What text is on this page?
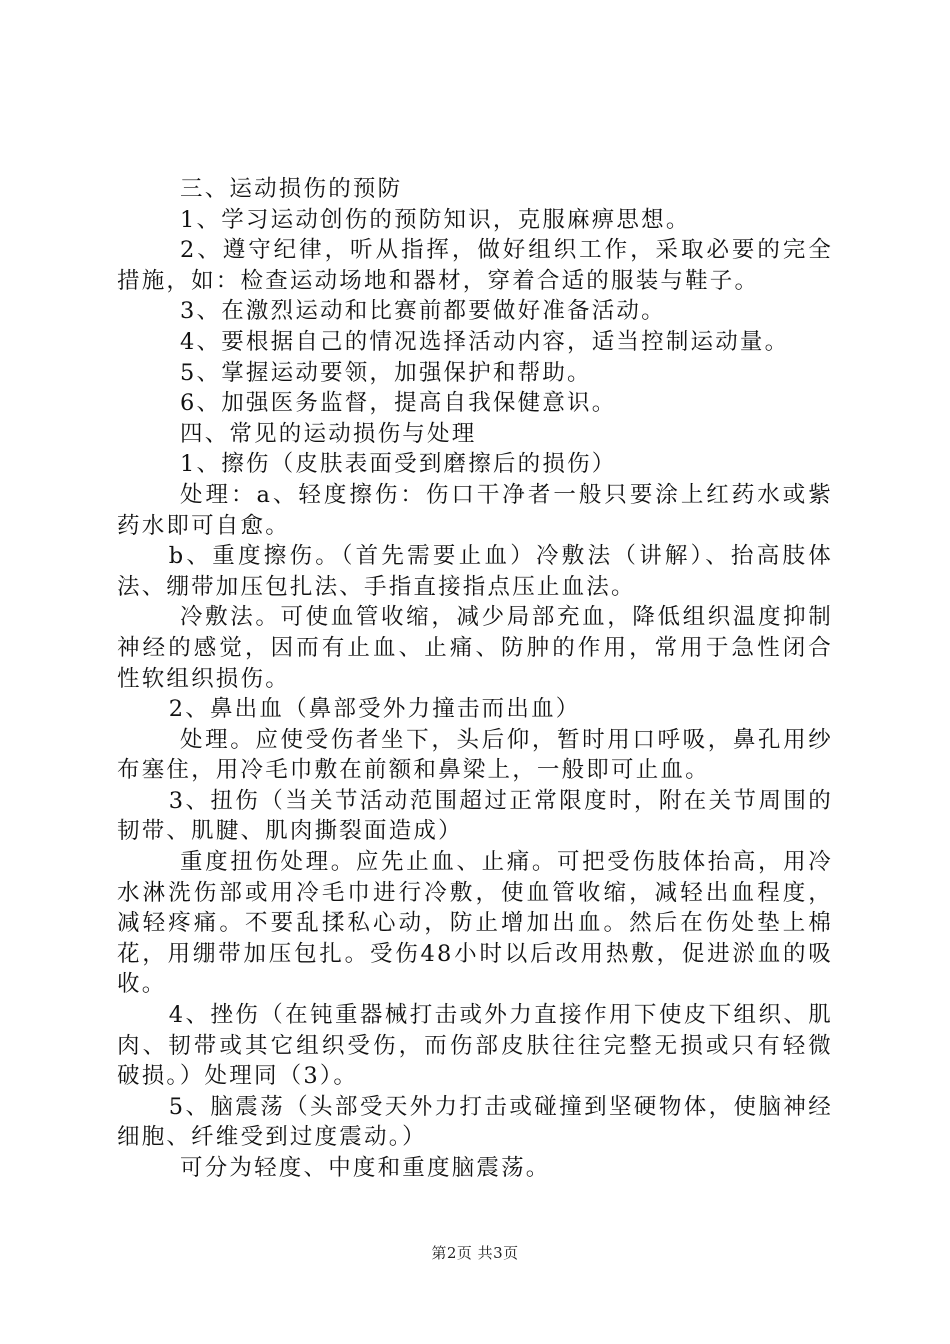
三、运动损伤的预防

1、学习运动创伤的预防知识，克服麻痹思想。

2、遵守纪律，听从指挥，做好组织工作，采取必要的完全措施，如：检查运动场地和器材，穿着合适的服装与鞋子。

3、在激烈运动和比赛前都要做好准备活动。

4、要根据自己的情况选择活动内容，适当控制运动量。

5、掌握运动要领，加强保护和帮助。

6、加强医务监督，提高自我保健意识。

四、常见的运动损伤与处理

1、擦伤（皮肤表面受到磨擦后的损伤）

处理：a、轻度擦伤：伤口干净者一般只要涂上红药水或紫药水即可自愈。

b、重度擦伤。（首先需要止血）冷敷法（讲解）、抬高肢体法、绷带加压包扎法、手指直接指点压止血法。

冷敷法。可使血管收缩，减少局部充血，降低组织温度抑制神经的感觉，因而有止血、止痛、防肿的作用，常用于急性闭合性软组织损伤。

2、鼻出血（鼻部受外力撞击而出血）

处理。应使受伤者坐下，头后仰，暂时用口呼吸，鼻孔用纱布塞住，用冷毛巾敷在前额和鼻梁上，一般即可止血。

3、扭伤（当关节活动范围超过正常限度时，附在关节周围的韧带、肌腱、肌肉撕裂面造成）

重度扭伤处理。应先止血、止痛。可把受伤肢体抬高，用冷水淋洗伤部或用冷毛巾进行冷敷，使血管收缩，减轻出血程度，减轻疼痛。不要乱揉私心动，防止增加出血。然后在伤处垫上棉花，用绷带加压包扎。受伤48小时以后改用热敷，促进淤血的吸收。

4、挫伤（在钝重器械打击或外力直接作用下使皮下组织、肌肉、韧带或其它组织受伤，而伤部皮肤往往完整无损或只有轻微破损。）处理同（3）。

5、脑震荡（头部受天外力打击或碰撞到坚硬物体，使脑神经细胞、纤维受到过度震动。）

可分为轻度、中度和重度脑震荡。

第2页 共3页
